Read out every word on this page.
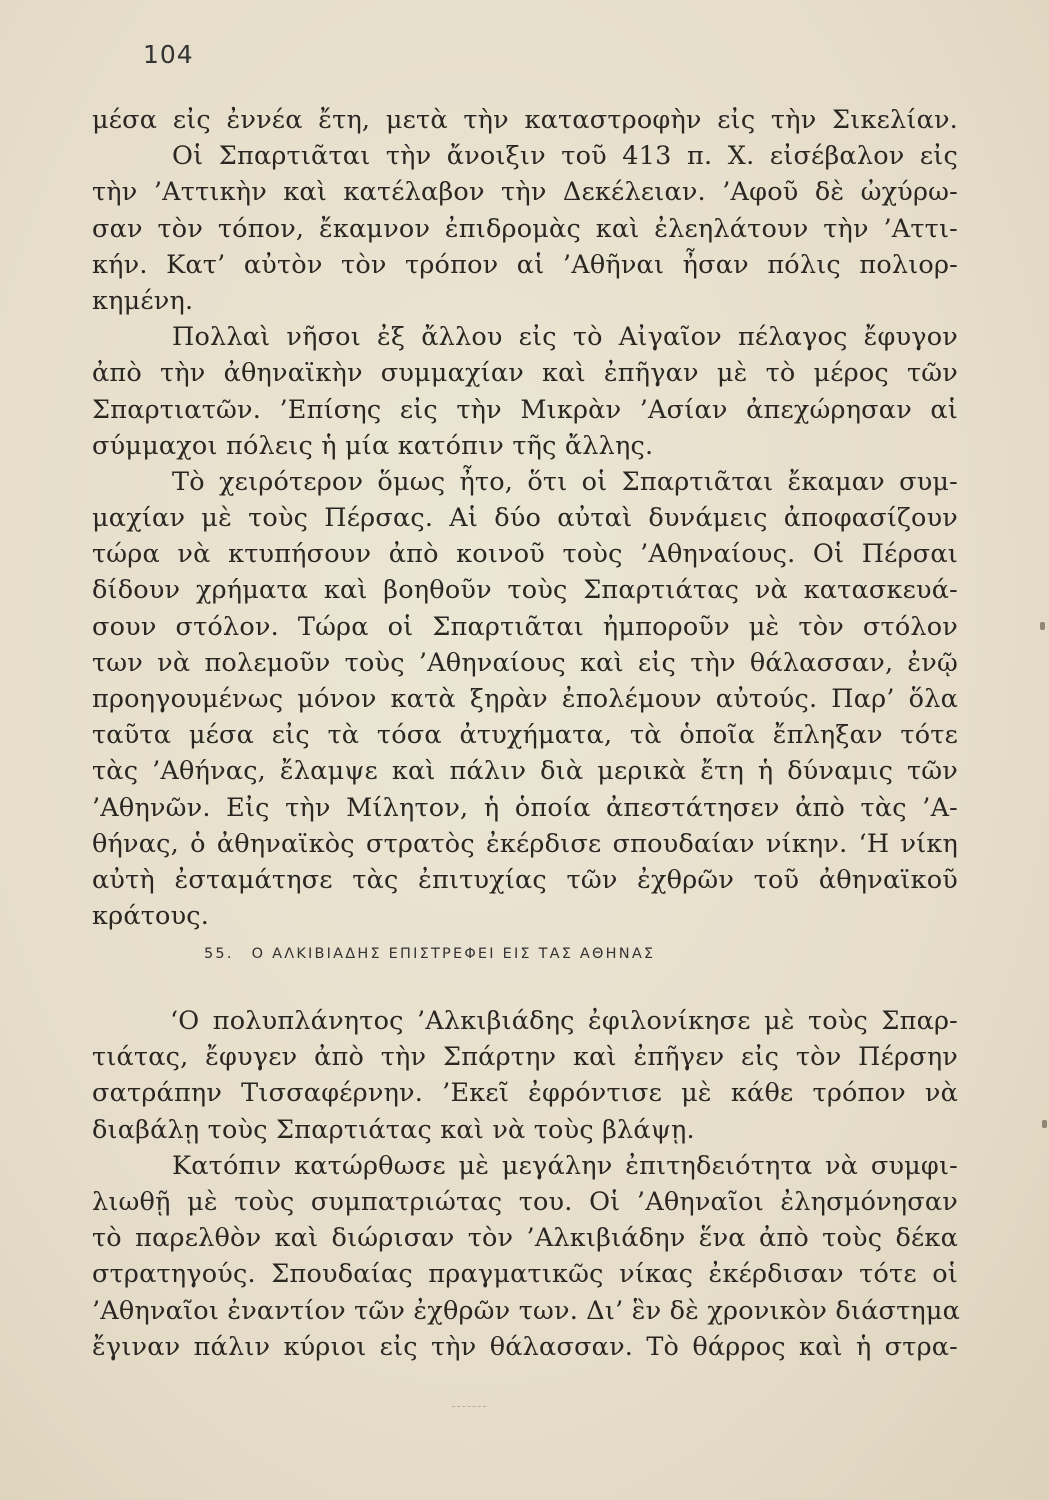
104
μέσα εἰς ἐννέα ἔτη, μετὰ τὴν καταστροφὴν εἰς τὴν Σικελίαν.
Οἱ Σπαρτιᾶται τὴν ἄνοιξιν τοῦ 413 π. Χ. εἰσέβαλον εἰς
τὴν ’Αττικὴν καὶ κατέλαβον τὴν Δεκέλειαν. ’Αφοῦ δὲ ὠχύρω-
σαν τὸν τόπον, ἔκαμνον ἐπιδρομὰς καὶ ἐλεηλάτουν τὴν ’Αττι-
κήν. Κατ’ αὐτὸν τὸν τρόπον αἱ ’Αθῆναι ἦσαν πόλις πολιορ-
κημένη.
Πολλαὶ νῆσοι ἐξ ἄλλου εἰς τὸ Αἰγαῖον πέλαγος ἔφυγον
ἀπὸ τὴν ἀθηναϊκὴν συμμαχίαν καὶ ἐπῆγαν μὲ τὸ μέρος τῶν
Σπαρτιατῶν. ’Επίσης εἰς τὴν Μικρὰν ’Ασίαν ἀπεχώρησαν αἱ
σύμμαχοι πόλεις ἡ μία κατόπιν τῆς ἄλλης.
Τὸ χειρότερον ὅμως ἦτο, ὅτι οἱ Σπαρτιᾶται ἔκαμαν συμ-
μαχίαν μὲ τοὺς Πέρσας. Αἱ δύο αὐταὶ δυνάμεις ἀποφασίζουν
τώρα νὰ κτυπήσουν ἀπὸ κοινοῦ τοὺς ’Αθηναίους. Οἱ Πέρσαι
δίδουν χρήματα καὶ βοηθοῦν τοὺς Σπαρτιάτας νὰ κατασκευά-
σουν στόλον. Τώρα οἱ Σπαρτιᾶται ἠμποροῦν μὲ τὸν στόλον
των νὰ πολεμοῦν τοὺς ’Αθηναίους καὶ εἰς τὴν θάλασσαν, ἐνῷ
προηγουμένως μόνον κατὰ ξηρὰν ἐπολέμουν αὐτούς. Παρ’ ὅλα
ταῦτα μέσα εἰς τὰ τόσα ἀτυχήματα, τὰ ὁποῖα ἔπληξαν τότε
τὰς ’Αθήνας, ἔλαμψε καὶ πάλιν διὰ μερικὰ ἔτη ἡ δύναμις τῶν
’Αθηνῶν. Εἰς τὴν Μίλητον, ἡ ὁποία ἀπεστάτησεν ἀπὸ τὰς ’Α-
θήνας, ὁ ἀθηναϊκὸς στρατὸς ἐκέρδισε σπουδαίαν νίκην. ‘Η νίκη
αὐτὴ ἐσταμάτησε τὰς ἐπιτυχίας τῶν ἐχθρῶν τοῦ ἀθηναϊκοῦ
κράτους.
55. Ο ΑΛΚΙΒΙΑΔΗΣ ΕΠΙΣΤΡΕΦΕΙ ΕΙΣ ΤΑΣ ΑΘΗΝΑΣ
‘Ο πολυπλάνητος ’Αλκιβιάδης ἐφιλονίκησε μὲ τοὺς Σπαρ-
τιάτας, ἔφυγεν ἀπὸ τὴν Σπάρτην καὶ ἐπῆγεν εἰς τὸν Πέρσην
σατράπην Τισσαφέρνην. ’Εκεῖ ἐφρόντισε μὲ κάθε τρόπον νὰ
διαβάλῃ τοὺς Σπαρτιάτας καὶ νὰ τοὺς βλάψῃ.
Κατόπιν κατώρθωσε μὲ μεγάλην ἐπιτηδειότητα νὰ συμφι-
λιωθῇ μὲ τοὺς συμπατριώτας του. Οἱ ’Αθηναῖοι ἐλησμόνησαν
τὸ παρελθὸν καὶ διώρισαν τὸν ’Αλκιβιάδην ἕνα ἀπὸ τοὺς δέκα
στρατηγούς. Σπουδαίας πραγματικῶς νίκας ἐκέρδισαν τότε οἱ
’Αθηναῖοι ἐναντίον τῶν ἐχθρῶν των. Δι’ ἓν δὲ χρονικὸν διάστημα
ἔγιναν πάλιν κύριοι εἰς τὴν θάλασσαν. Τὸ θάρρος καὶ ἡ στρα-
